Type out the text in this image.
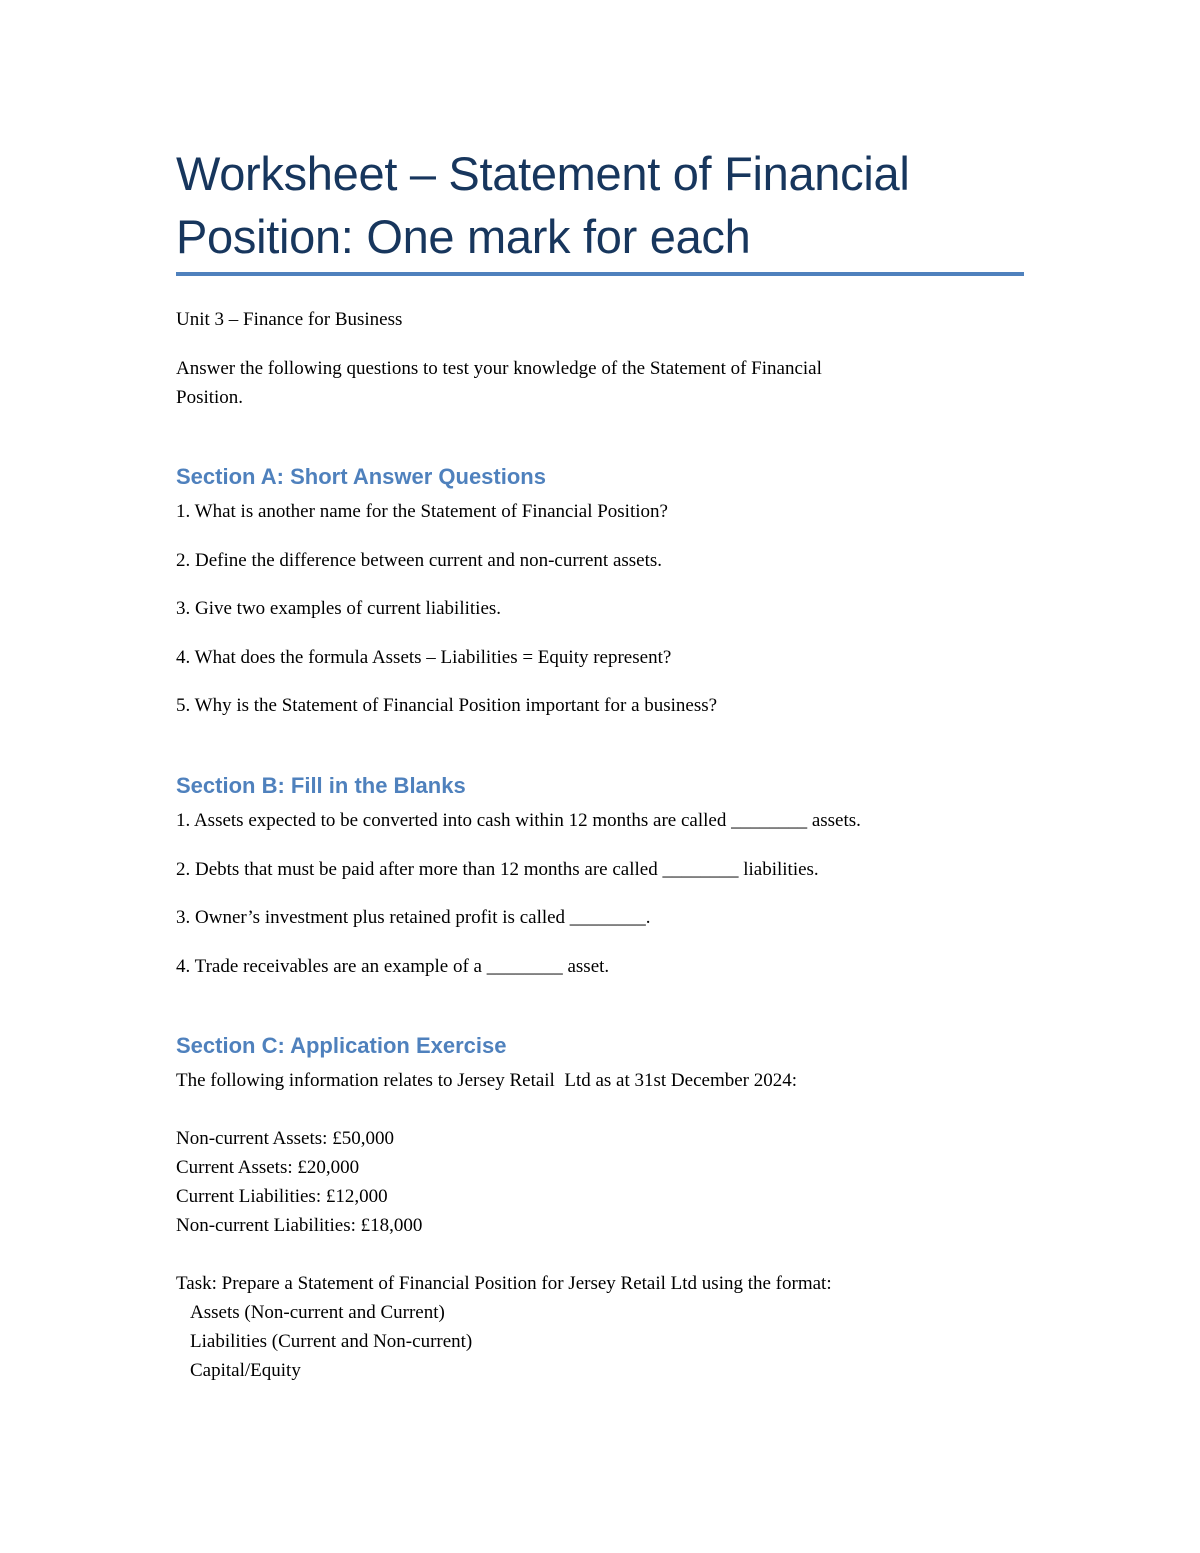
Worksheet – Statement of Financial
Position: One mark for each
Unit 3 – Finance for Business
Answer the following questions to test your knowledge of the Statement of Financial
Position.
Section A: Short Answer Questions
1. What is another name for the Statement of Financial Position?
2. Define the difference between current and non-current assets.
3. Give two examples of current liabilities.
4. What does the formula Assets – Liabilities = Equity represent?
5. Why is the Statement of Financial Position important for a business?
Section B: Fill in the Blanks
1. Assets expected to be converted into cash within 12 months are called ________ assets.
2. Debts that must be paid after more than 12 months are called ________ liabilities.
3. Owner’s investment plus retained profit is called ________.
4. Trade receivables are an example of a ________ asset.
Section C: Application Exercise
The following information relates to Jersey Retail  Ltd as at 31st December 2024:
Non-current Assets: £50,000
Current Assets: £20,000
Current Liabilities: £12,000
Non-current Liabilities: £18,000
Task: Prepare a Statement of Financial Position for Jersey Retail Ltd using the format:
Assets (Non-current and Current)
Liabilities (Current and Non-current)
Capital/Equity
